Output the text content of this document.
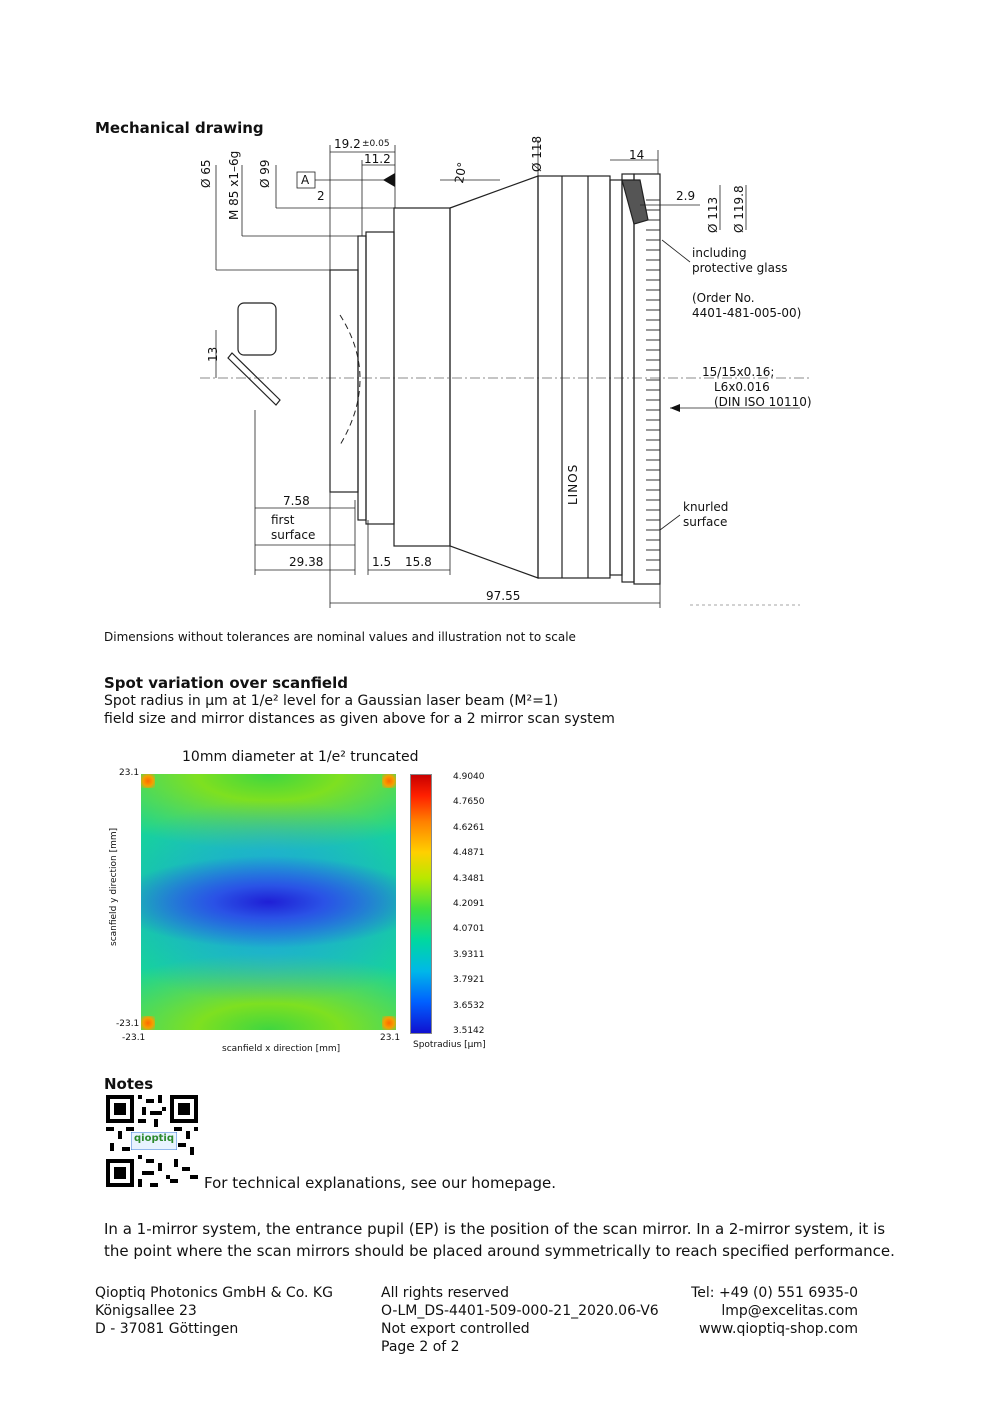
Mechanical drawing
Ø 65 M 85 x1–6g Ø 99
Ø 118
Ø 113 Ø 119.8
13
19.2 ±0.05
11.2
A
2
20°
14
2.9
including
protective glass
(Order No.
4401-481-005-00)
15/15x0.16;
L6x0.016
(DIN ISO 10110)
knurled
surface
LINOS
7.58
first
surface
29.38	1.5 15.8
97.55
Dimensions without tolerances are nominal values and illustration not to scale
Spot variation over scanfield
Spot radius in µm at 1/e² level for a Gaussian laser beam (M²=1)
field size and mirror distances as given above for a 2 mirror scan system
10mm diameter at 1/e² truncated
23.1
-23.1
-23.1	23.1
scanfield x direction [mm]
scanfield y direction [mm]
4.9040
4.7650
4.6261
4.4871
4.3481
4.2091
4.0701
3.9311
3.7921
3.6532
3.5142
Spotradius [µm]
Notes
qioptiq
For technical explanations, see our homepage.
In a 1-mirror system, the entrance pupil (EP) is the position of the scan mirror. In a 2-mirror system, it is
the point where the scan mirrors should be placed around symmetrically to reach specified performance.
Qioptiq Photonics GmbH & Co. KG
Königsallee 23
D - 37081 Göttingen
All rights reserved
O-LM_DS-4401-509-000-21_2020.06-V6
Not export controlled
Page 2 of 2
Tel: +49 (0) 551 6935-0
lmp@excelitas.com
www.qioptiq-shop.com
